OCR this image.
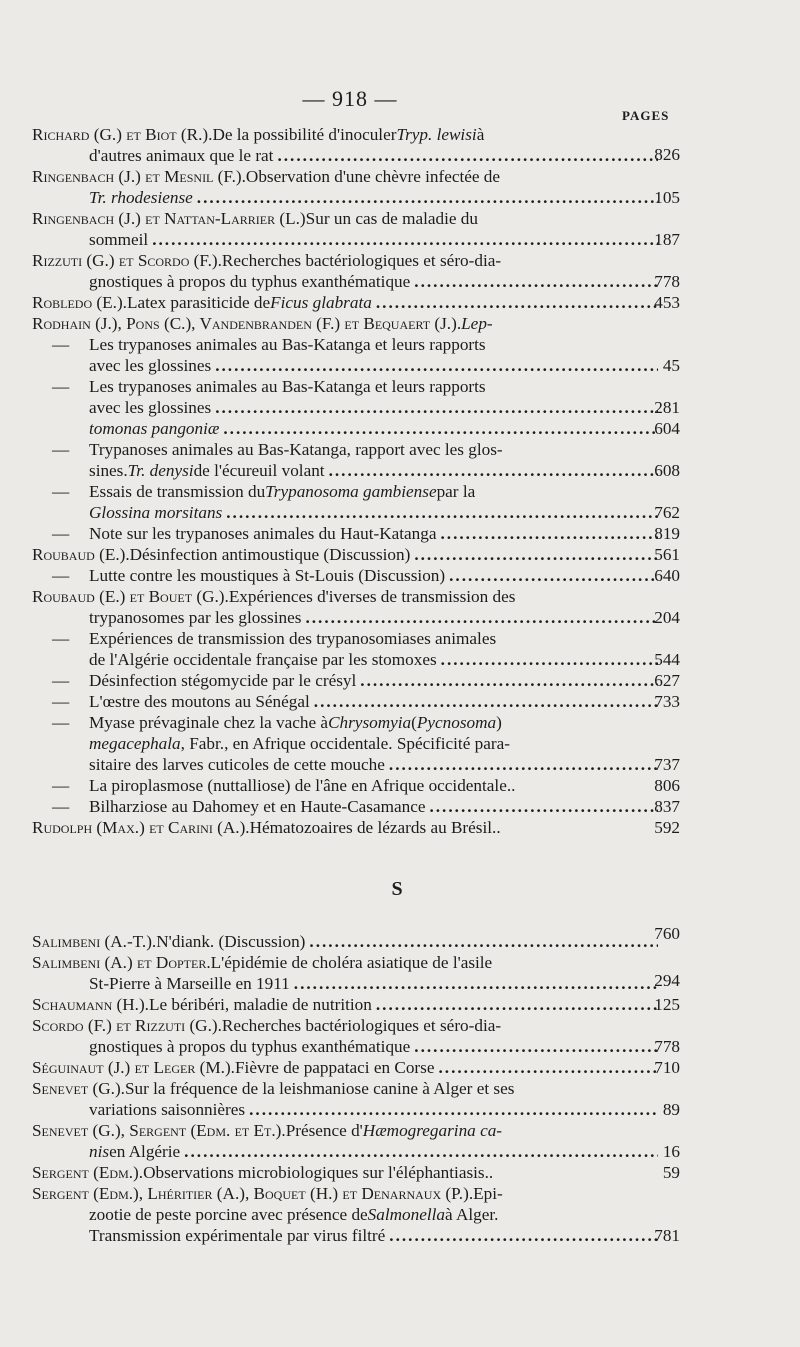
— 918 —
PAGES
Richard (G.) et Biot (R.). De la possibilité d'inoculer Tryp. lewisi à
d'autres animaux que le rat .....	826
Ringenbach (J.) et Mesnil (F.). Observation d'une chèvre infectée de
Tr. rhodesiense .....	105
Ringenbach (J.) et Nattan-Larrier (L.) Sur un cas de maladie du
sommeil .....	187
Rizzuti (G.) et Scordo (F.). Recherches bactériologiques et séro-dia-
gnostiques à propos du typhus exanthématique .....	778
Robledo (E.). Latex parasiticide de Ficus glabrata .....	453
Rodhain (J.), Pons (C.), Vandenbranden (F.) et Bequaert (J.). Lep-
—	Les trypanoses animales au Bas-Katanga et leurs rapports
avec les glossines .....	45
—	Les trypanoses animales au Bas-Katanga et leurs rapports
avec les glossines .....	281
tomonas pangoniæ .....	604
—	Trypanoses animales au Bas-Katanga, rapport avec les glos-
sines. Tr. denysi de l'écureuil volant .....	608
—	Essais de transmission du Trypanosoma gambiense par la
Glossina morsitans .....	762
—	Note sur les trypanoses animales du Haut-Katanga .....	819
Roubaud (E.). Désinfection antimoustique (Discussion) .....	561
—	Lutte contre les moustiques à St-Louis (Discussion) .....	640
Roubaud (E.) et Bouet (G.). Expériences d'iverses de transmission des
trypanosomes par les glossines .....	204
—	Expériences de transmission des trypanosomiases animales
de l'Algérie occidentale française par les stomoxes .....	544
—	Désinfection stégomycide par le crésyl .....	627
—	L'œstre des moutons au Sénégal .....	733
—	Myase prévaginale chez la vache à Chrysomyia ( Pycnosoma )
megacephala , Fabr., en Afrique occidentale. Spécificité para-
sitaire des larves cuticoles de cette mouche .....	737
—	La piroplasmose (nuttalliose) de l'âne en Afrique occidentale..	806
—	Bilharziose au Dahomey et en Haute-Casamance .....	837
Rudolph (Max.) et Carini (A.). Hématozoaires de lézards au Brésil..	592
S
Salimbeni (A.-T.). N'diank. (Discussion) .....	760
Salimbeni (A.) et Dopter. L'épidémie de choléra asiatique de l'asile
St-Pierre à Marseille en 1911 .....	294
Schaumann (H.). Le béribéri, maladie de nutrition .....	125
Scordo (F.) et Rizzuti (G.). Recherches bactériologiques et séro-dia-
gnostiques à propos du typhus exanthématique .....	778
Séguinaut (J.) et Leger (M.). Fièvre de pappataci en Corse .....	710
Senevet (G.). Sur la fréquence de la leishmaniose canine à Alger et ses
variations saisonnières .....	89
Senevet (G.), Sergent (Edm. et Et.). Présence d' Hæmogregarina ca-
nis en Algérie .....	16
Sergent (Edm.). Observations microbiologiques sur l'éléphantiasis..	59
Sergent (Edm.), Lhéritier (A.), Boquet (H.) et Denarnaux (P.). Epi-
zootie de peste porcine avec présence de Salmonella à Alger.
Transmission expérimentale par virus filtré .....	781
